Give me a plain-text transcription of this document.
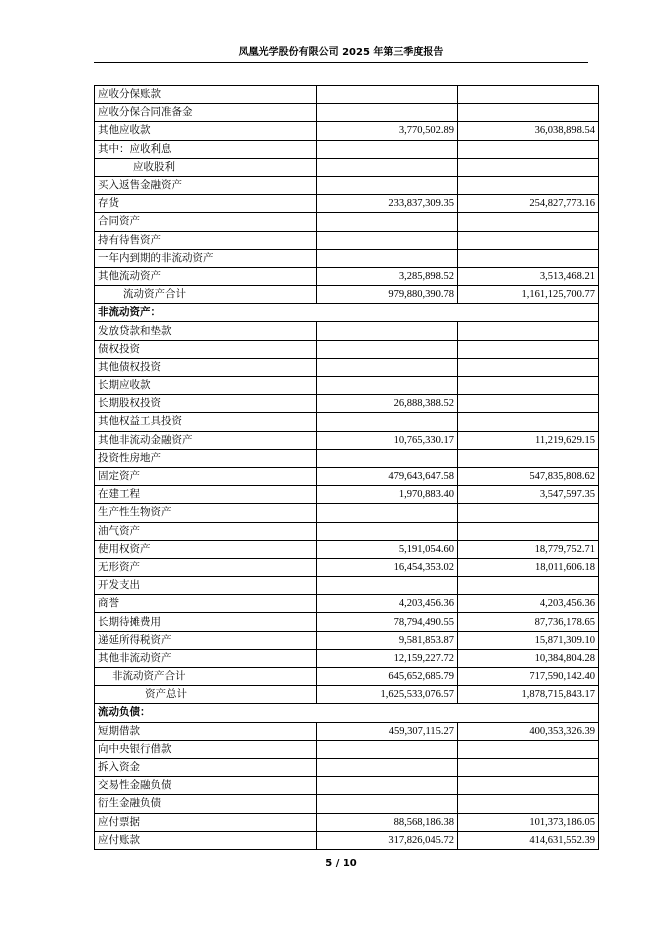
凤凰光学股份有限公司 2025 年第三季度报告
应收分保账款		
应收分保合同准备金		
其他应收款	3,770,502.89	36,038,898.54
其中：应收利息		
应收股利		
买入返售金融资产		
存货	233,837,309.35	254,827,773.16
合同资产		
持有待售资产		
一年内到期的非流动资产		
其他流动资产	3,285,898.52	3,513,468.21
流动资产合计	979,880,390.78	1,161,125,700.77
非流动资产：		
发放贷款和垫款		
债权投资		
其他债权投资		
长期应收款		
长期股权投资	26,888,388.52	
其他权益工具投资		
其他非流动金融资产	10,765,330.17	11,219,629.15
投资性房地产		
固定资产	479,643,647.58	547,835,808.62
在建工程	1,970,883.40	3,547,597.35
生产性生物资产		
油气资产		
使用权资产	5,191,054.60	18,779,752.71
无形资产	16,454,353.02	18,011,606.18
开发支出		
商誉	4,203,456.36	4,203,456.36
长期待摊费用	78,794,490.55	87,736,178.65
递延所得税资产	9,581,853.87	15,871,309.10
其他非流动资产	12,159,227.72	10,384,804.28
非流动资产合计	645,652,685.79	717,590,142.40
资产总计	1,625,533,076.57	1,878,715,843.17
流动负债：		
短期借款	459,307,115.27	400,353,326.39
向中央银行借款		
拆入资金		
交易性金融负债		
衍生金融负债		
应付票据	88,568,186.38	101,373,186.05
应付账款	317,826,045.72	414,631,552.39
5 / 10
